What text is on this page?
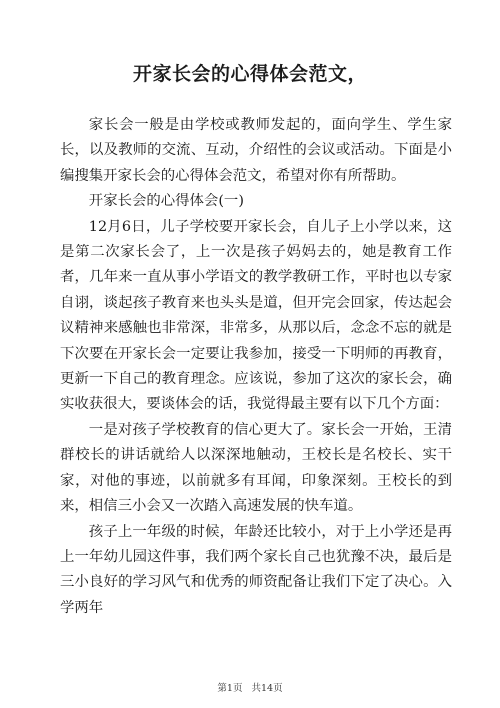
开家长会的心得体会范文，

家长会一般是由学校或教师发起的，面向学生、学生家长，以及教师的交流、互动，介绍性的会议或活动。下面是小编搜集开家长会的心得体会范文，希望对你有所帮助。

开家长会的心得体会(一)

12月6日，儿子学校要开家长会，自儿子上小学以来，这是第二次家长会了，上一次是孩子妈妈去的，她是教育工作者，几年来一直从事小学语文的教学教研工作，平时也以专家自诩，谈起孩子教育来也头头是道，但开完会回家，传达起会议精神来感触也非常深，非常多，从那以后，念念不忘的就是下次要在开家长会一定要让我参加，接受一下明师的再教育，更新一下自己的教育理念。应该说，参加了这次的家长会，确实收获很大，要谈体会的话，我觉得最主要有以下几个方面：

一是对孩子学校教育的信心更大了。家长会一开始，王清群校长的讲话就给人以深深地触动，王校长是名校长、实干家，对他的事迹，以前就多有耳闻，印象深刻。王校长的到来，相信三小会又一次踏入高速发展的快车道。

孩子上一年级的时候，年龄还比较小，对于上小学还是再上一年幼儿园这件事，我们两个家长自己也犹豫不决，最后是三小良好的学习风气和优秀的师资配备让我们下定了决心。入学两年

第1页 共14页
